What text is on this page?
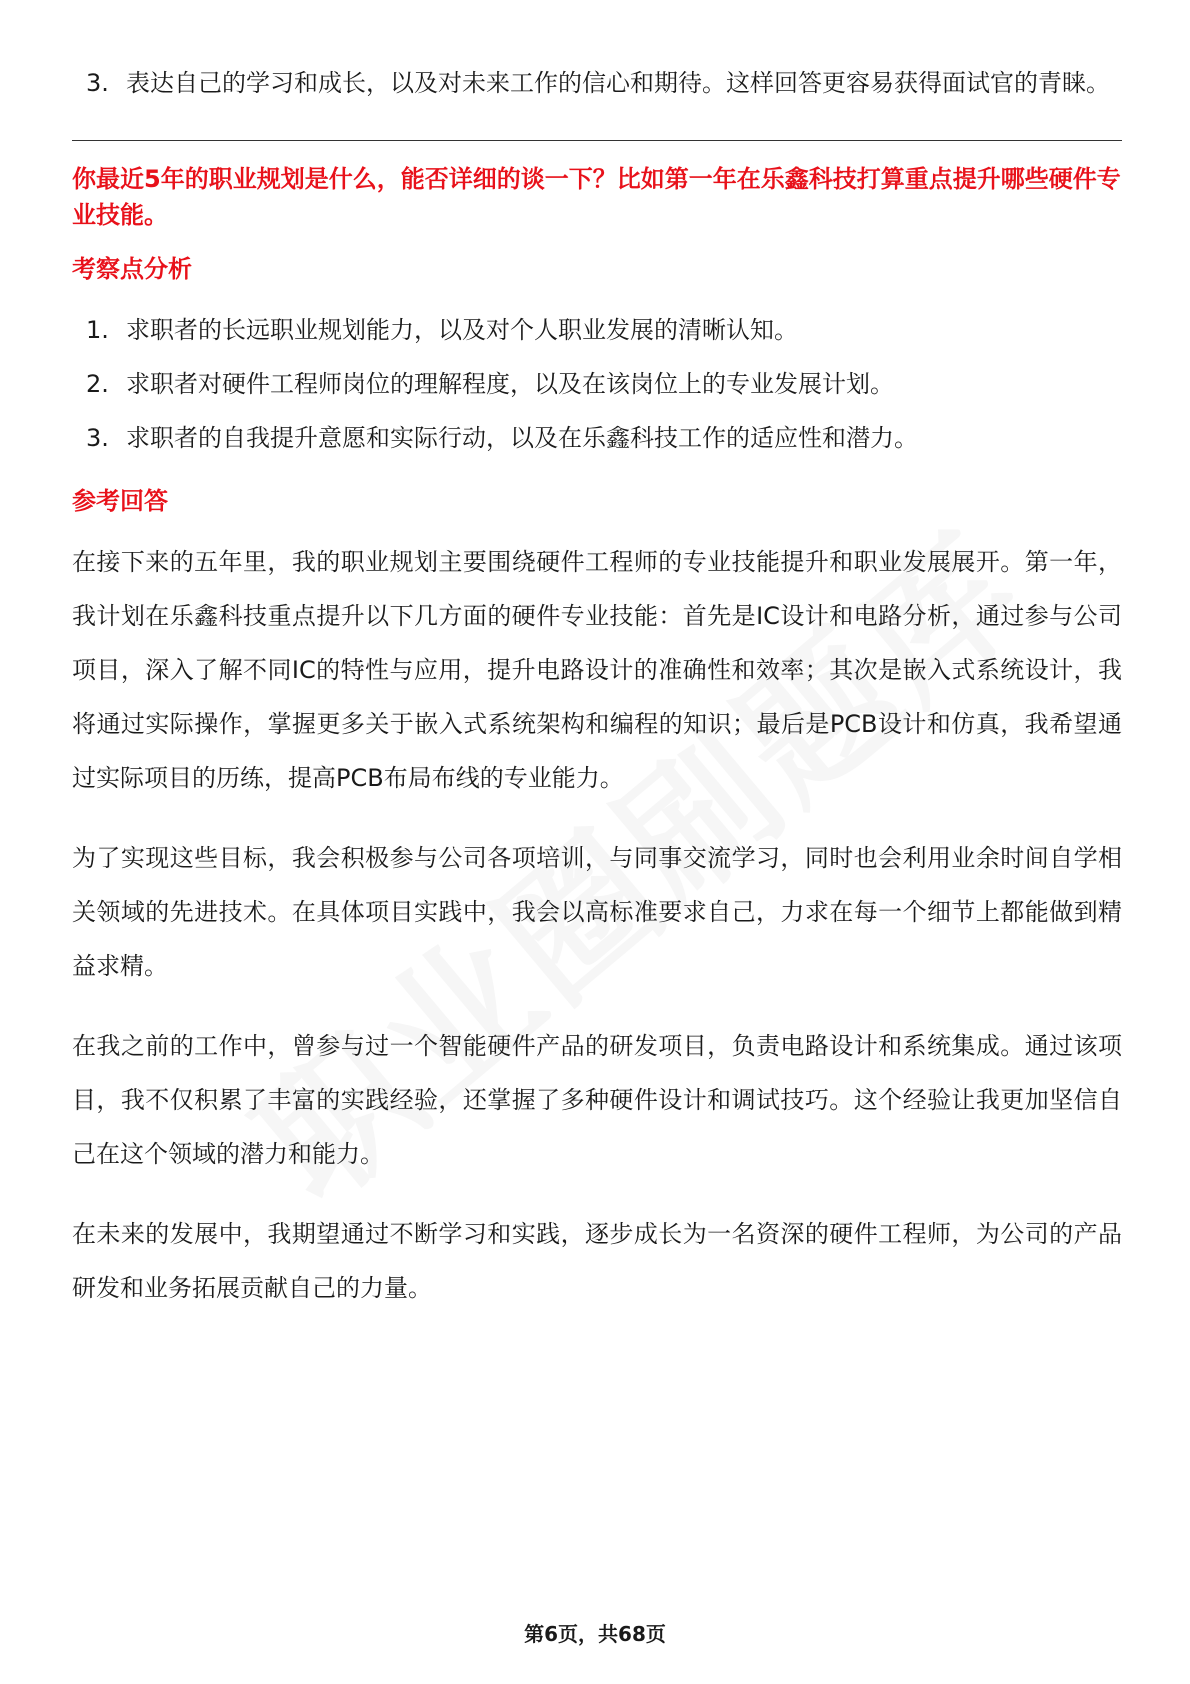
3. 表达自己的学习和成长，以及对未来工作的信心和期待。这样回答更容易获得面试官的青睐。

你最近5年的职业规划是什么，能否详细的谈一下？比如第一年在乐鑫科技打算重点提升哪些硬件专业技能。

考察点分析
1. 求职者的长远职业规划能力，以及对个人职业发展的清晰认知。
2. 求职者对硬件工程师岗位的理解程度，以及在该岗位上的专业发展计划。
3. 求职者的自我提升意愿和实际行动，以及在乐鑫科技工作的适应性和潜力。
参考回答

在接下来的五年里，我的职业规划主要围绕硬件工程师的专业技能提升和职业发展展开。第一年，我计划在乐鑫科技重点提升以下几方面的硬件专业技能：首先是IC设计和电路分析，通过参与公司项目，深入了解不同IC的特性与应用，提升电路设计的准确性和效率；其次是嵌入式系统设计，我将通过实际操作，掌握更多关于嵌入式系统架构和编程的知识；最后是PCB设计和仿真，我希望通过实际项目的历练，提高PCB布局布线的专业能力。

为了实现这些目标，我会积极参与公司各项培训，与同事交流学习，同时也会利用业余时间自学相关领域的先进技术。在具体项目实践中，我会以高标准要求自己，力求在每一个细节上都能做到精益求精。

在我之前的工作中，曾参与过一个智能硬件产品的研发项目，负责电路设计和系统集成。通过该项目，我不仅积累了丰富的实践经验，还掌握了多种硬件设计和调试技巧。这个经验让我更加坚信自己在这个领域的潜力和能力。

在未来的发展中，我期望通过不断学习和实践，逐步成长为一名资深的硬件工程师，为公司的产品研发和业务拓展贡献自己的力量。

第6页，共68页
